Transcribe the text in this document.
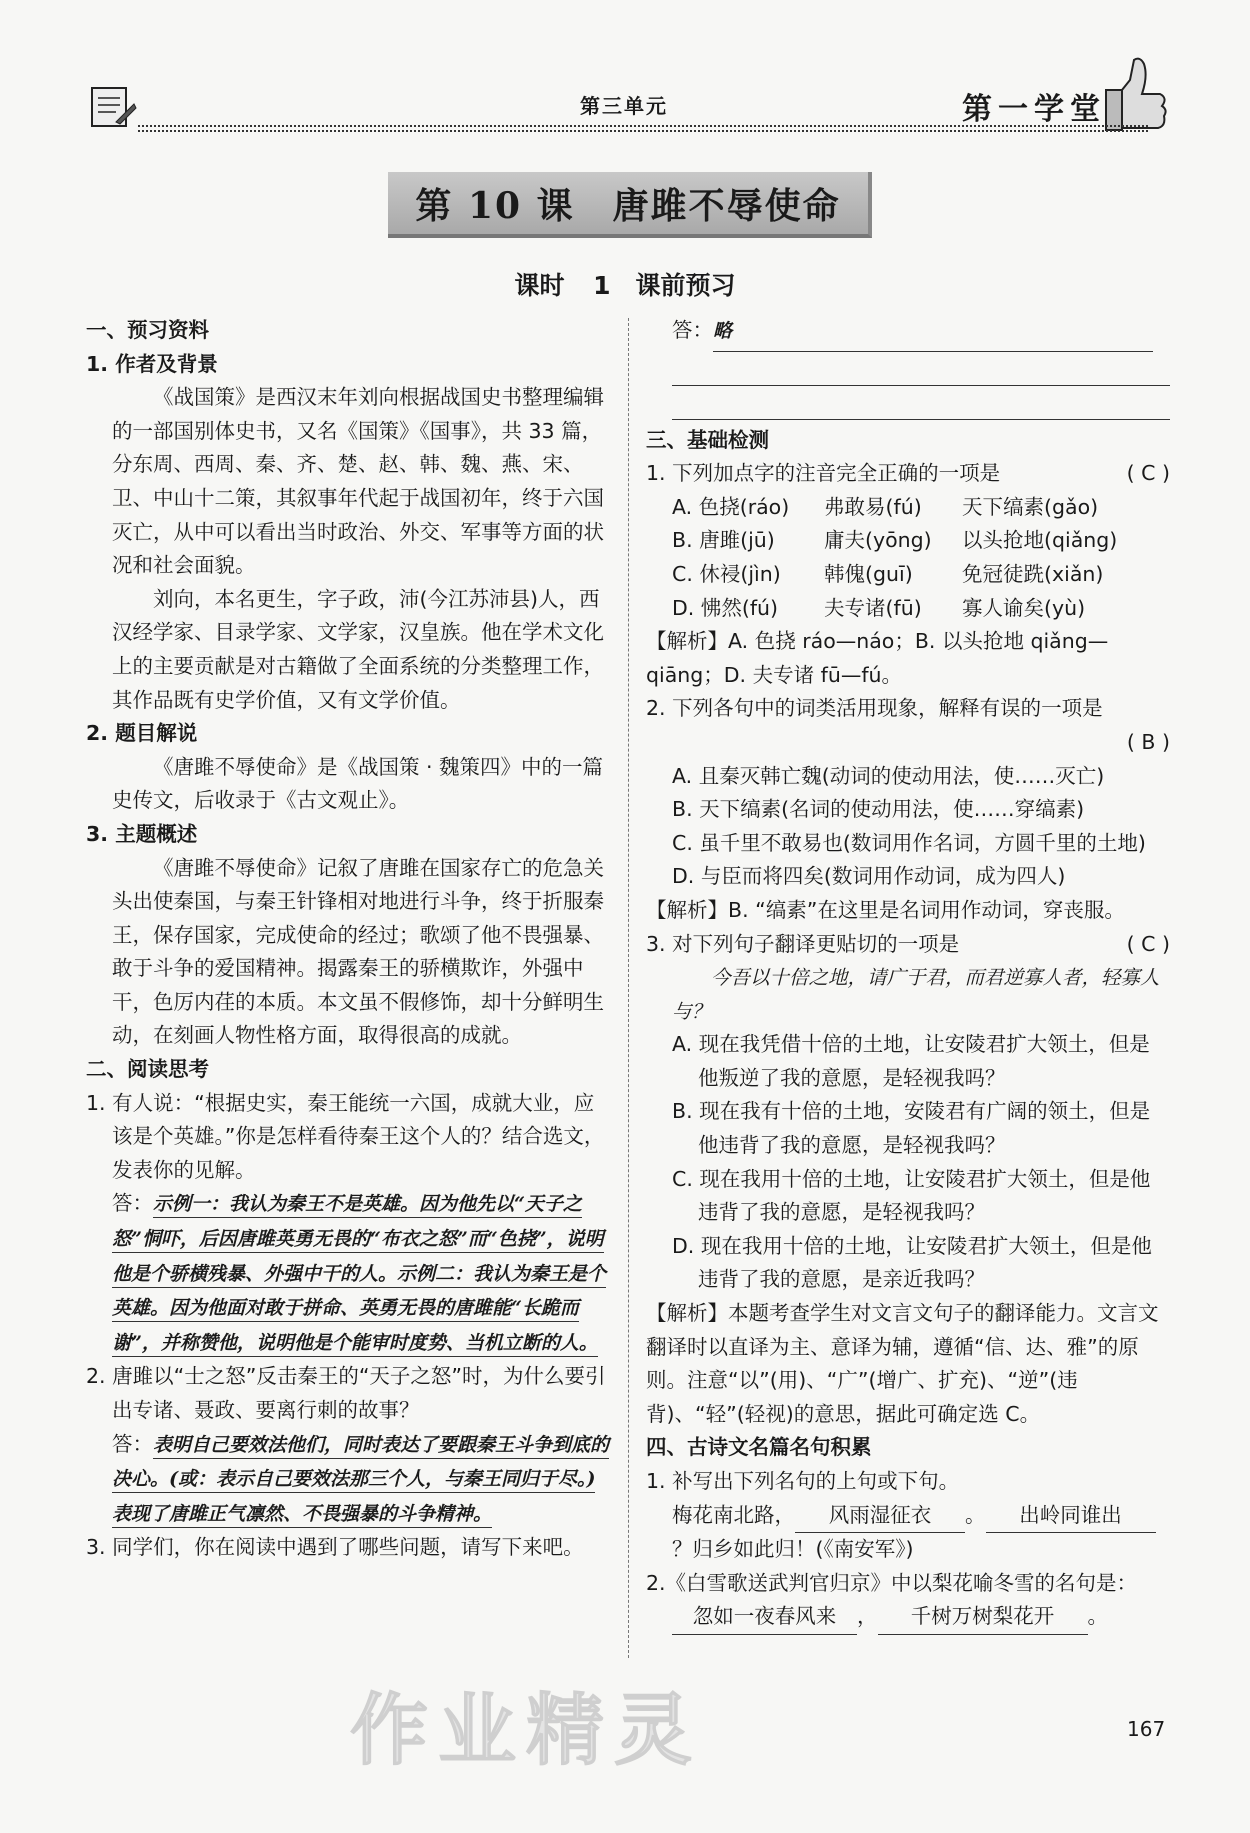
第三单元	第一学堂
第 10 课　唐雎不辱使命
课时 1　课前预习

一、预习资料

1. 作者及背景

《战国策》是西汉末年刘向根据战国史书整理编辑的一部国别体史书，又名《国策》《国事》，共 33 篇，分东周、西周、秦、齐、楚、赵、韩、魏、燕、宋、卫、中山十二策，其叙事年代起于战国初年，终于六国灭亡，从中可以看出当时政治、外交、军事等方面的状况和社会面貌。

刘向，本名更生，字子政，沛(今江苏沛县)人，西汉经学家、目录学家、文学家，汉皇族。他在学术文化上的主要贡献是对古籍做了全面系统的分类整理工作，其作品既有史学价值，又有文学价值。

2. 题目解说

《唐雎不辱使命》是《战国策 · 魏策四》中的一篇史传文，后收录于《古文观止》。

3. 主题概述

《唐雎不辱使命》记叙了唐雎在国家存亡的危急关头出使秦国，与秦王针锋相对地进行斗争，终于折服秦王，保存国家，完成使命的经过；歌颂了他不畏强暴、敢于斗争的爱国精神。揭露秦王的骄横欺诈，外强中干，色厉内荏的本质。本文虽不假修饰，却十分鲜明生动，在刻画人物性格方面，取得很高的成就。

二、阅读思考

1. 有人说：“根据史实，秦王能统一六国，成就大业，应该是个英雄。”你是怎样看待秦王这个人的？结合选文，发表你的见解。

答：示例一：我认为秦王不是英雄。因为他先以“天子之怒”恫吓，后因唐雎英勇无畏的“布衣之怒”而“色挠”，说明他是个骄横残暴、外强中干的人。示例二：我认为秦王是个英雄。因为他面对敢于拼命、英勇无畏的唐雎能“长跪而谢”，并称赞他，说明他是个能审时度势、当机立断的人。

2. 唐雎以“士之怒”反击秦王的“天子之怒”时，为什么要引出专诸、聂政、要离行刺的故事？

答：表明自己要效法他们，同时表达了要跟秦王斗争到底的决心。(或：表示自己要效法那三个人，与秦王同归于尽。)表现了唐雎正气凛然、不畏强暴的斗争精神。

3. 同学们，你在阅读中遇到了哪些问题，请写下来吧。

答：略

三、基础检测

1. 下列加点字的注音完全正确的一项是	( C )

A. 色挠(ráo)	弗敢易(fú)	天下缟素(gǎo)
B. 唐雎(jū)	庸夫(yōng)	以头抢地(qiǎng)
C. 休祲(jìn)	韩傀(guī)	免冠徒跣(xiǎn)
D. 怫然(fú)	夫专诸(fū)	寡人谕矣(yù)

【解析】A. 色挠 ráo—náo；B. 以头抢地 qiǎng—qiāng；D. 夫专诸 fū—fú。

2. 下列各句中的词类活用现象，解释有误的一项是

( B )

A. 且秦灭韩亡魏(动词的使动用法，使……灭亡)

B. 天下缟素(名词的使动用法，使……穿缟素)

C. 虽千里不敢易也(数词用作名词，方圆千里的土地)

D. 与臣而将四矣(数词用作动词，成为四人)

【解析】B. “缟素”在这里是名词用作动词，穿丧服。

3. 对下列句子翻译更贴切的一项是	( C )

今吾以十倍之地，请广于君，而君逆寡人者，轻寡人与？

A. 现在我凭借十倍的土地，让安陵君扩大领土，但是他叛逆了我的意愿，是轻视我吗？

B. 现在我有十倍的土地，安陵君有广阔的领土，但是他违背了我的意愿，是轻视我吗？

C. 现在我用十倍的土地，让安陵君扩大领土，但是他违背了我的意愿，是轻视我吗？

D. 现在我用十倍的土地，让安陵君扩大领土，但是他违背了我的意愿，是亲近我吗？

【解析】本题考查学生对文言文句子的翻译能力。文言文翻译时以直译为主、意译为辅，遵循“信、达、雅”的原则。注意“以”(用)、“广”(增广、扩充)、“逆”(违背)、“轻”(轻视)的意思，据此可确定选 C。

四、古诗文名篇名句积累

1. 补写出下列名句的上句或下句。

梅花南北路， 风雨湿征衣 。 出岭同谁出？归乡如此归！(《南安军》)

2.《白雪歌送武判官归京》中以梨花喻冬雪的名句是：

忽如一夜春风来 ， 千树万树梨花开 。

作业精灵	167
